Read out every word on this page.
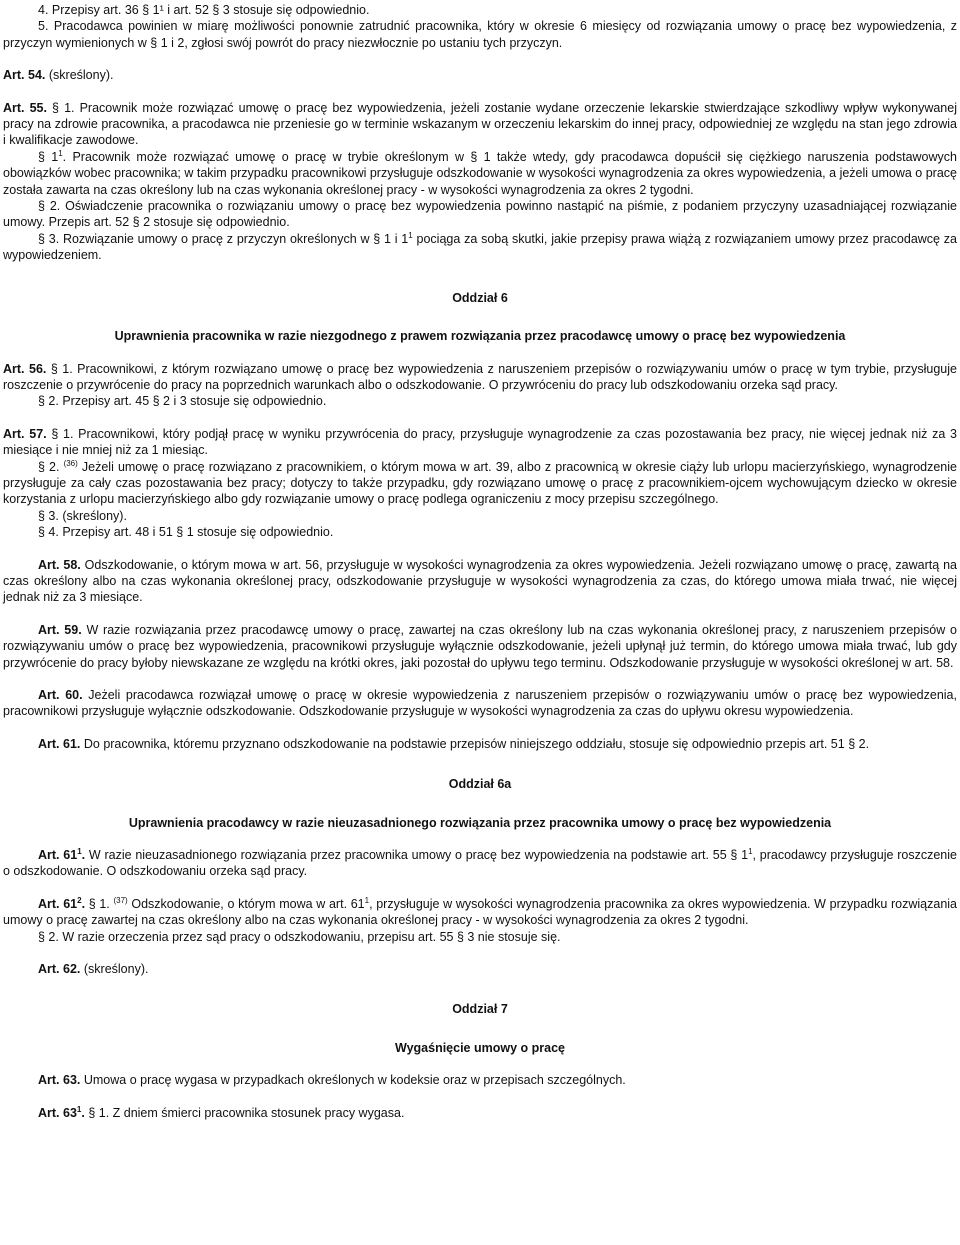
4. Przepisy art. 36 § 1¹ i art. 52 § 3 stosuje się odpowiednio.

5. Pracodawca powinien w miarę możliwości ponownie zatrudnić pracownika, który w okresie 6 miesięcy od rozwiązania umowy o pracę bez wypowiedzenia, z przyczyn wymienionych w § 1 i 2, zgłosi swój powrót do pracy niezwłocznie po ustaniu tych przyczyn.

Art. 54. (skreślony).

Art. 55. § 1. Pracownik może rozwiązać umowę o pracę bez wypowiedzenia, jeżeli zostanie wydane orzeczenie lekarskie stwierdzające szkodliwy wpływ wykonywanej pracy na zdrowie pracownika, a pracodawca nie przeniesie go w terminie wskazanym w orzeczeniu lekarskim do innej pracy, odpowiedniej ze względu na stan jego zdrowia i kwalifikacje zawodowe.

§ $1^1$. Pracownik może rozwiązać umowę o pracę w trybie określonym w § 1 także wtedy, gdy pracodawca dopuścił się ciężkiego naruszenia podstawowych obowiązków wobec pracownika; w takim przypadku pracownikowi przysługuje odszkodowanie w wysokości wynagrodzenia za okres wypowiedzenia, a jeżeli umowa o pracę została zawarta na czas określony lub na czas wykonania określonej pracy - w wysokości wynagrodzenia za okres 2 tygodni.

§ 2. Oświadczenie pracownika o rozwiązaniu umowy o pracę bez wypowiedzenia powinno nastąpić na piśmie, z podaniem przyczyny uzasadniającej rozwiązanie umowy. Przepis art. 52 § 2 stosuje się odpowiednio.

§ 3. Rozwiązanie umowy o pracę z przyczyn określonych w § 1 i $1^1$ pociąga za sobą skutki, jakie przepisy prawa wiążą z rozwiązaniem umowy przez pracodawcę za wypowiedzeniem.

Oddział 6

Uprawnienia pracownika w razie niezgodnego z prawem rozwiązania przez pracodawcę umowy o pracę bez wypowiedzenia

Art. 56. § 1. Pracownikowi, z którym rozwiązano umowę o pracę bez wypowiedzenia z naruszeniem przepisów o rozwiązywaniu umów o pracę w tym trybie, przysługuje roszczenie o przywrócenie do pracy na poprzednich warunkach albo o odszkodowanie. O przywróceniu do pracy lub odszkodowaniu orzeka sąd pracy.

§ 2. Przepisy art. 45 § 2 i 3 stosuje się odpowiednio.

Art. 57. § 1. Pracownikowi, który podjął pracę w wyniku przywrócenia do pracy, przysługuje wynagrodzenie za czas pozostawania bez pracy, nie więcej jednak niż za 3 miesiące i nie mniej niż za 1 miesiąc.

§ 2. $^{(36)}$ Jeżeli umowę o pracę rozwiązano z pracownikiem, o którym mowa w art. 39, albo z pracownicą w okresie ciąży lub urlopu macierzyńskiego, wynagrodzenie przysługuje za cały czas pozostawania bez pracy; dotyczy to także przypadku, gdy rozwiązano umowę o pracę z pracownikiem-ojcem wychowującym dziecko w okresie korzystania z urlopu macierzyńskiego albo gdy rozwiązanie umowy o pracę podlega ograniczeniu z mocy przepisu szczególnego.

§ 3. (skreślony).

§ 4. Przepisy art. 48 i 51 § 1 stosuje się odpowiednio.

Art. 58. Odszkodowanie, o którym mowa w art. 56, przysługuje w wysokości wynagrodzenia za okres wypowiedzenia. Jeżeli rozwiązano umowę o pracę, zawartą na czas określony albo na czas wykonania określonej pracy, odszkodowanie przysługuje w wysokości wynagrodzenia za czas, do którego umowa miała trwać, nie więcej jednak niż za 3 miesiące.

Art. 59. W razie rozwiązania przez pracodawcę umowy o pracę, zawartej na czas określony lub na czas wykonania określonej pracy, z naruszeniem przepisów o rozwiązywaniu umów o pracę bez wypowiedzenia, pracownikowi przysługuje wyłącznie odszkodowanie, jeżeli upłynął już termin, do którego umowa miała trwać, lub gdy przywrócenie do pracy byłoby niewskazane ze względu na krótki okres, jaki pozostał do upływu tego terminu. Odszkodowanie przysługuje w wysokości określonej w art. 58.

Art. 60. Jeżeli pracodawca rozwiązał umowę o pracę w okresie wypowiedzenia z naruszeniem przepisów o rozwiązywaniu umów o pracę bez wypowiedzenia, pracownikowi przysługuje wyłącznie odszkodowanie. Odszkodowanie przysługuje w wysokości wynagrodzenia za czas do upływu okresu wypowiedzenia.

Art. 61. Do pracownika, któremu przyznano odszkodowanie na podstawie przepisów niniejszego oddziału, stosuje się odpowiednio przepis art. 51 § 2.

Oddział 6a

Uprawnienia pracodawcy w razie nieuzasadnionego rozwiązania przez pracownika umowy o pracę bez wypowiedzenia

Art. $61^1$. W razie nieuzasadnionego rozwiązania przez pracownika umowy o pracę bez wypowiedzenia na podstawie art. 55 § $1^1$, pracodawcy przysługuje roszczenie o odszkodowanie. O odszkodowaniu orzeka sąd pracy.

Art. $61^2$. § 1. $^{(37)}$ Odszkodowanie, o którym mowa w art. $61^1$, przysługuje w wysokości wynagrodzenia pracownika za okres wypowiedzenia. W przypadku rozwiązania umowy o pracę zawartej na czas określony albo na czas wykonania określonej pracy - w wysokości wynagrodzenia za okres 2 tygodni.

§ 2. W razie orzeczenia przez sąd pracy o odszkodowaniu, przepisu art. 55 § 3 nie stosuje się.

Art. 62. (skreślony).

Oddział 7

Wygaśnięcie umowy o pracę

Art. 63. Umowa o pracę wygasa w przypadkach określonych w kodeksie oraz w przepisach szczególnych.

Art. $63^1$. § 1. Z dniem śmierci pracownika stosunek pracy wygasa.
